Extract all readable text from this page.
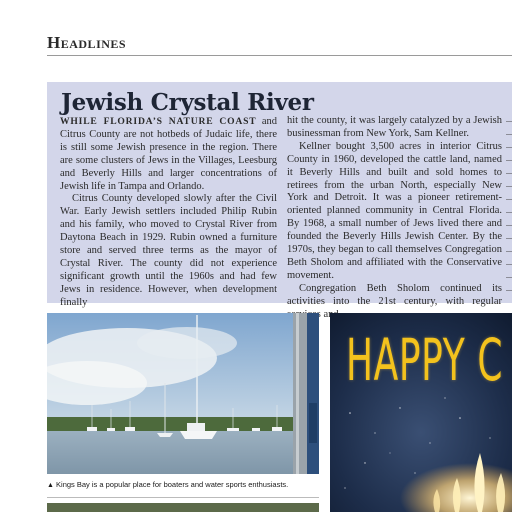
Headlines
Jewish Crystal River

WHILE FLORIDA’S NATURE COAST and Citrus County are not hotbeds of Judaic life, there is still some Jewish presence in the region. There are some clusters of Jews in the Villages, Leesburg and Beverly Hills and larger concentrations of Jewish life in Tampa and Orlando.

Citrus County developed slowly after the Civil War. Early Jewish settlers included Philip Rubin and his family, who moved to Crystal River from Daytona Beach in 1929. Rubin owned a furniture store and served three terms as the mayor of Crystal River. The county did not experience significant growth until the 1960s and had few Jews in residence. However, when development finally

hit the county, it was largely catalyzed by a Jewish businessman from New York, Sam Kellner.

Kellner bought 3,500 acres in interior Citrus County in 1960, developed the cattle land, named it Beverly Hills and built and sold homes to retirees from the urban North, especially New York and Detroit. It was a pioneer retirement-oriented planned community in Central Florida. By 1968, a small number of Jews lived there and founded the Beverly Hills Jewish Center. By the 1970s, they began to call themselves Congregation Beth Sholom and affiliated with the Conservative movement.

Congregation Beth Sholom continued its activities into the 21st century, with regular

▲ Kings Bay is a popular place for boaters and water sports enthusiasts.
HAPPY C
